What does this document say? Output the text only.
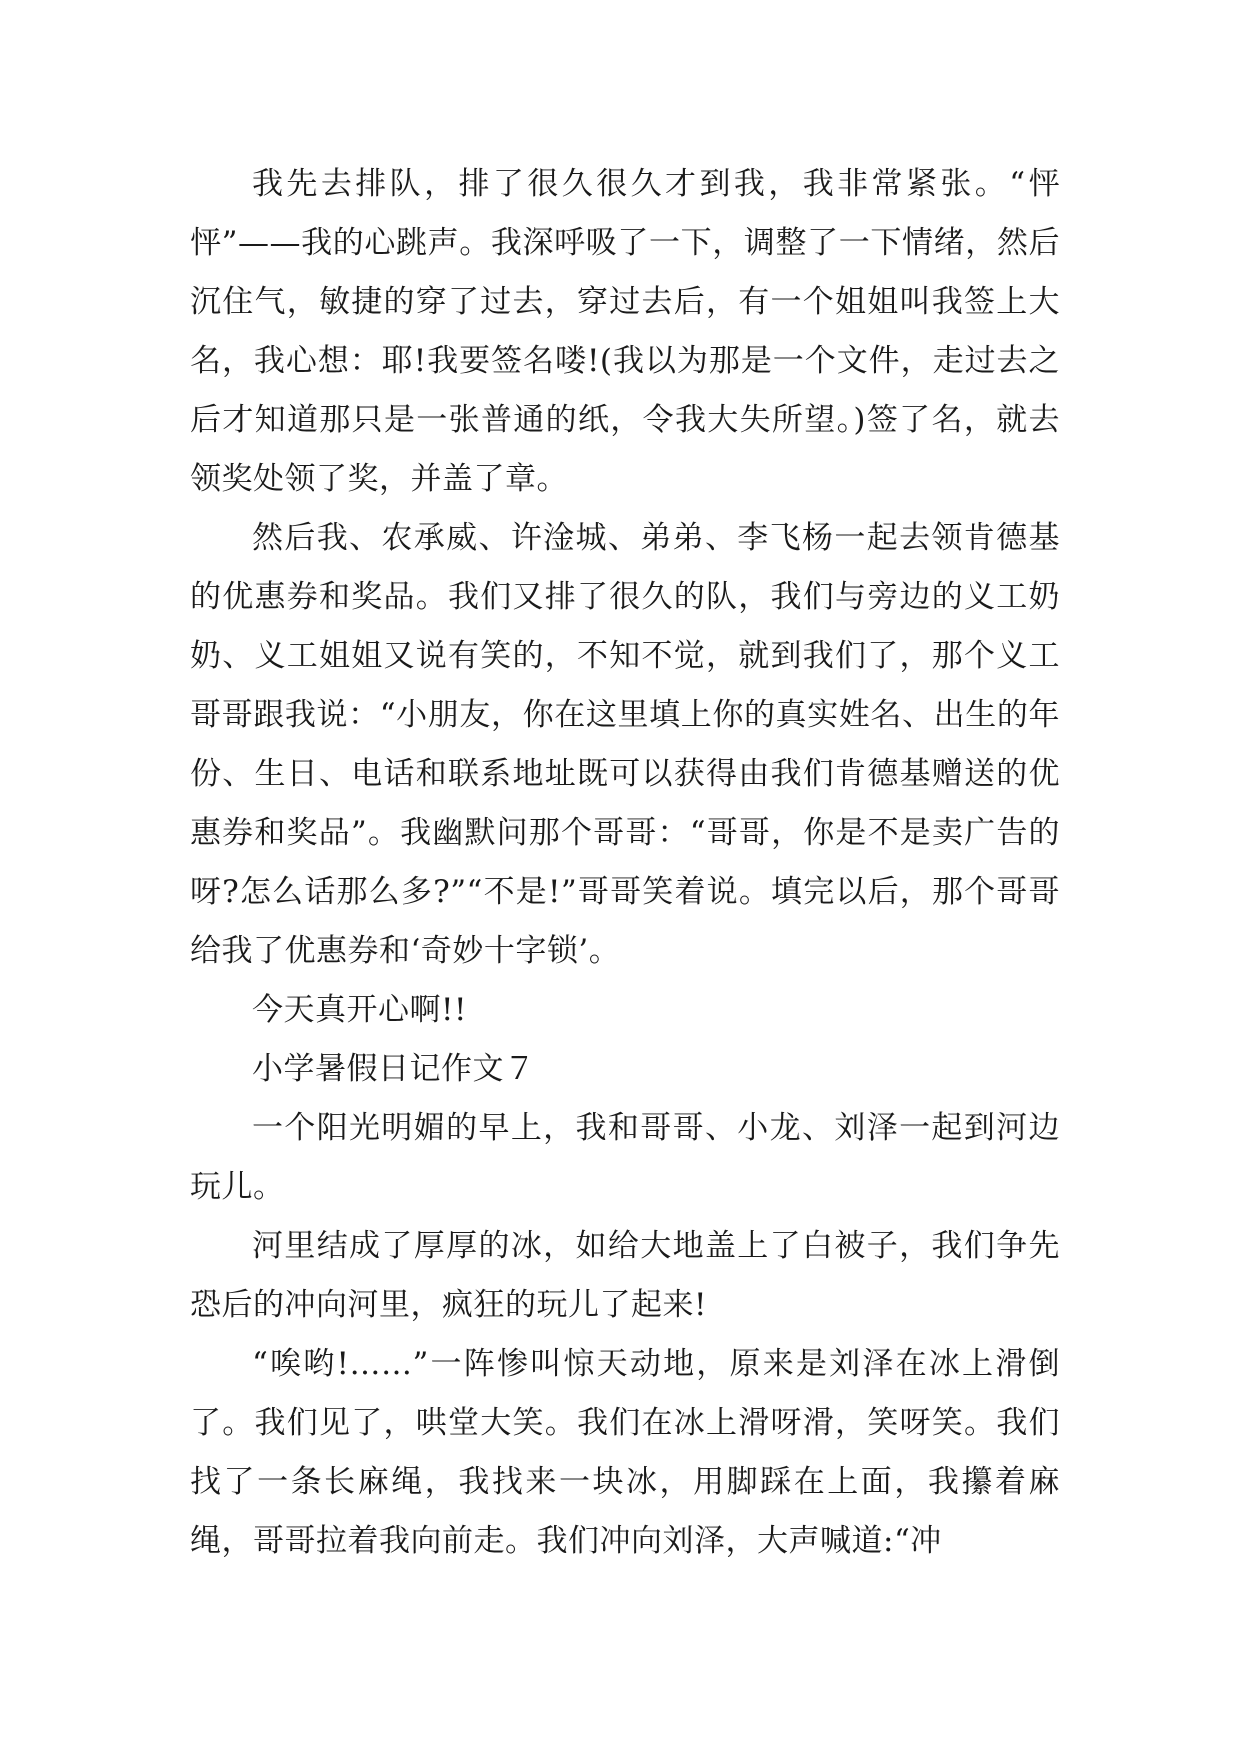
我先去排队，排了很久很久才到我，我非常紧张。“怦怦”——我的心跳声。我深呼吸了一下，调整了一下情绪，然后沉住气，敏捷的穿了过去，穿过去后，有一个姐姐叫我签上大名，我心想：耶!我要签名喽!(我以为那是一个文件，走过去之后才知道那只是一张普通的纸，令我大失所望。)签了名，就去领奖处领了奖，并盖了章。

然后我、农承威、许淦城、弟弟、李飞杨一起去领肯德基的优惠券和奖品。我们又排了很久的队，我们与旁边的义工奶奶、义工姐姐又说有笑的，不知不觉，就到我们了，那个义工哥哥跟我说：“小朋友，你在这里填上你的真实姓名、出生的年份、生日、电话和联系地址既可以获得由我们肯德基赠送的优惠券和奖品”。我幽默问那个哥哥：“哥哥，你是不是卖广告的呀?怎么话那么多?”“不是!”哥哥笑着说。填完以后，那个哥哥给我了优惠券和‘奇妙十字锁’。

今天真开心啊!!

小学暑假日记作文７

一个阳光明媚的早上，我和哥哥、小龙、刘泽一起到河边玩儿。

河里结成了厚厚的冰，如给大地盖上了白被子，我们争先恐后的冲向河里，疯狂的玩儿了起来!

“唉哟!……”一阵惨叫惊天动地，原来是刘泽在冰上滑倒了。我们见了，哄堂大笑。我们在冰上滑呀滑，笑呀笑。我们找了一条长麻绳，我找来一块冰，用脚踩在上面，我攥着麻绳，哥哥拉着我向前走。我们冲向刘泽，大声喊道:“冲
